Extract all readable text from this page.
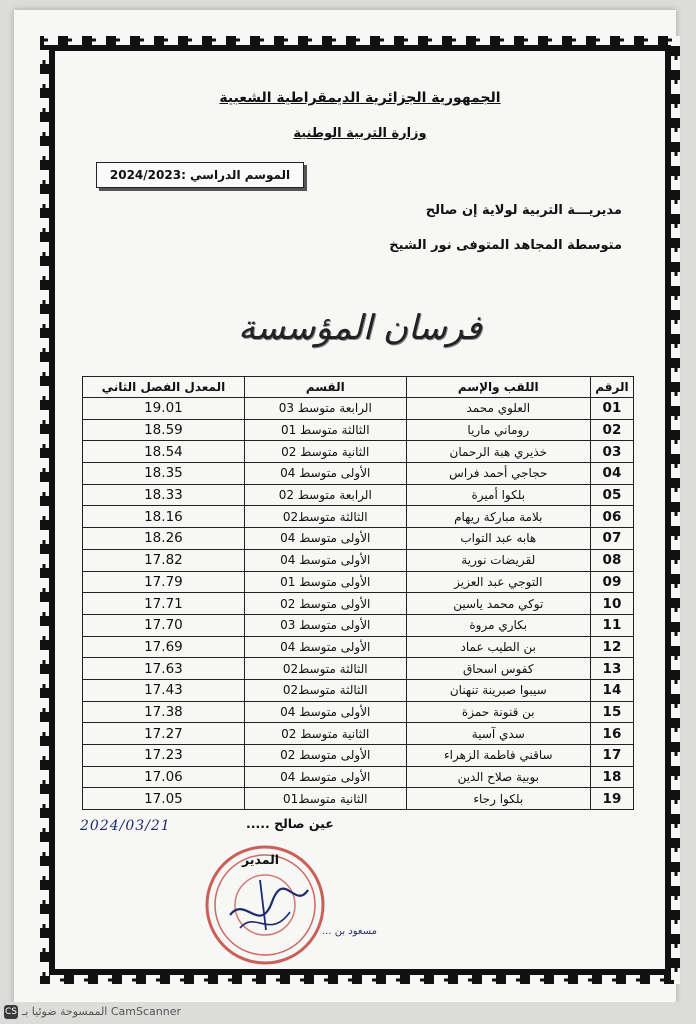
الجمهورية الجزائرية الديمقراطية الشعبية
وزارة التربية الوطنية
الموسم الدراسي :2024/2023
مديريـــة التربية لولاية إن صالح
متوسطة المجاهد المتوفى نور الشيخ
فرسان المؤسسة
الرقم	اللقب والإسم	القسم	المعدل الفصل الثاني
01	العلوي محمد	الرابعة متوسط 03	19.01
02	روماني ماريا	الثالثة متوسط 01	18.59
03	خذيري هبة الرحمان	الثانية متوسط 02	18.54
04	حجاجي أحمد فراس	الأولى متوسط 04	18.35
05	بلكوا أميرة	الرابعة متوسط 02	18.33
06	بلامة مباركة ريهام	الثالثة متوسط02	18.16
07	هابه عبد التواب	الأولى متوسط 04	18.26
08	لقريضات نورية	الأولى متوسط 04	17.82
09	التوجي عبد العزيز	الأولى متوسط 01	17.79
10	توكي محمد ياسين	الأولى متوسط 02	17.71
11	بكاري مروة	الأولى متوسط 03	17.70
12	بن الطيب عماد	الأولى متوسط 04	17.69
13	كفوس اسحاق	الثالثة متوسط02	17.63
14	سيبوا صبرينة تنهنان	الثالثة متوسط02	17.43
15	بن قنونة حمزة	الأولى متوسط 04	17.38
16	سدي آسية	الثانية متوسط 02	17.27
17	ساقني فاطمة الزهراء	الأولى متوسط 02	17.23
18	بوبية صلاح الدين	الأولى متوسط 04	17.06
19	بلكوا رجاء	الثانية متوسط01	17.05
عين صالح .....
2024/03/21
المدير
مسعود بن ...
CS CamScanner الممسوحة ضوئيا بـ
